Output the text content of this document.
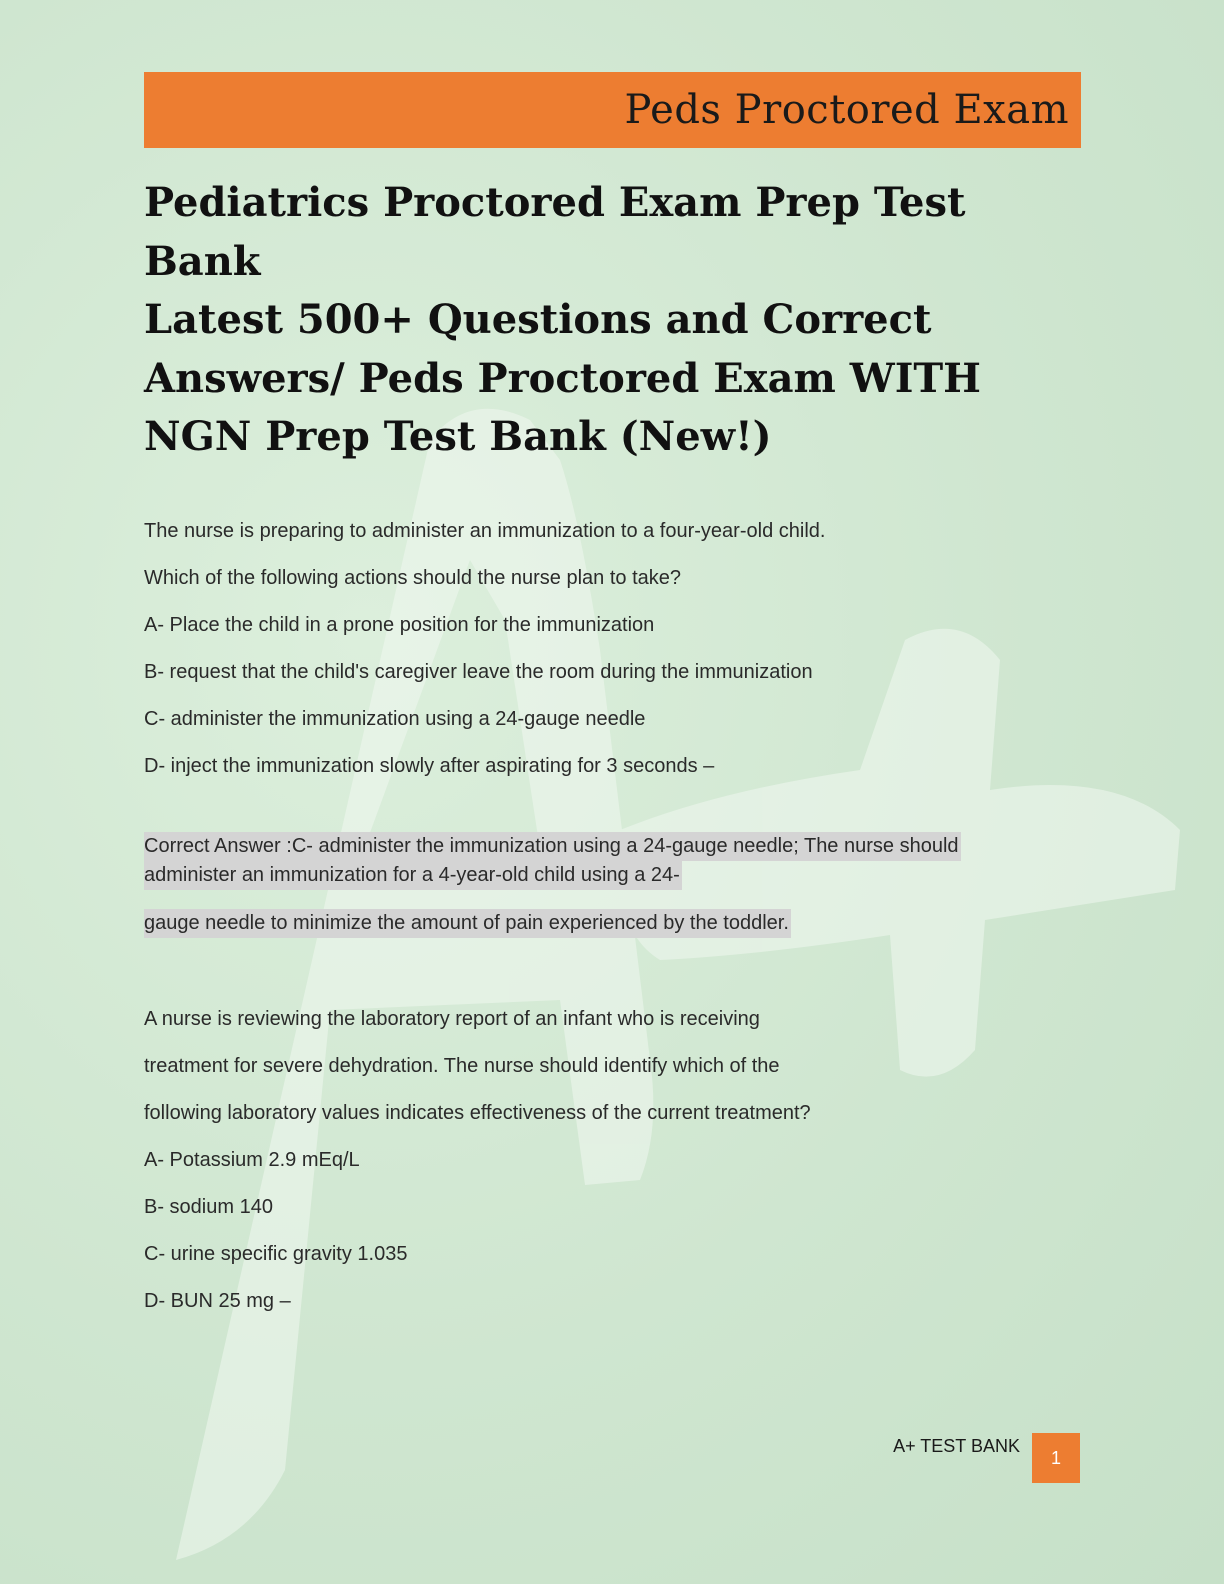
Peds Proctored Exam
Pediatrics Proctored Exam Prep Test Bank
Latest 500+ Questions and Correct
Answers/ Peds Proctored Exam WITH
NGN Prep Test Bank (New!)
The nurse is preparing to administer an immunization to a four-year-old child.
Which of the following actions should the nurse plan to take?
A- Place the child in a prone position for the immunization
B- request that the child's caregiver leave the room during the immunization
C- administer the immunization using a 24-gauge needle
D- inject the immunization slowly after aspirating for 3 seconds –
Correct Answer :C- administer the immunization using a 24-gauge needle; The nurse should
administer an immunization for a 4-year-old child using a 24-
gauge needle to minimize the amount of pain experienced by the toddler.
A nurse is reviewing the laboratory report of an infant who is receiving
treatment for severe dehydration. The nurse should identify which of the
following laboratory values indicates effectiveness of the current treatment?
A- Potassium 2.9 mEq/L
B- sodium 140
C- urine specific gravity 1.035
D- BUN 25 mg –
A+ TEST BANK
1
